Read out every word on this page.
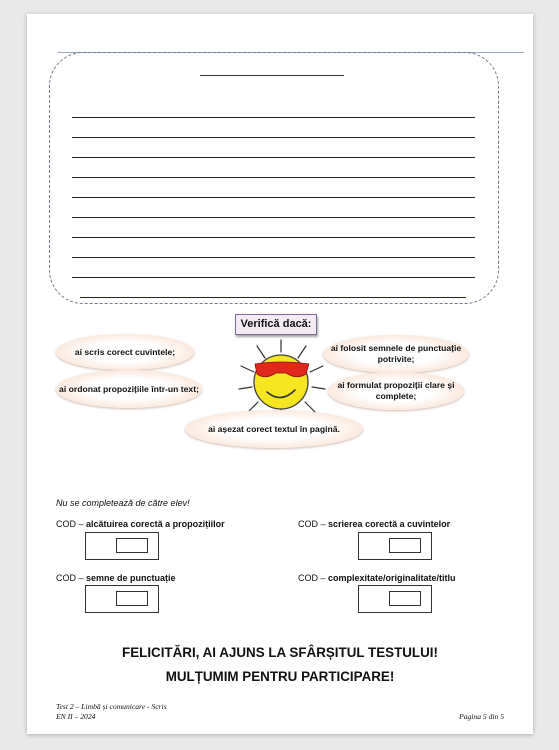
Verifică dacă:
ai scris corect cuvintele;	ai folosit semnele de punctuație potrivite;
ai ordonat propozițiile într-un text;	ai formulat propoziții clare și complete;
ai așezat corect textul în pagină.
Nu se completează de către elev!
COD – alcătuirea corectă a propozițiilor	COD – scrierea corectă a cuvintelor
COD – semne de punctuație	COD – complexitate/originalitate/titlu
FELICITĂRI, AI AJUNS LA SFÂRȘITUL TESTULUI!
MULȚUMIM PENTRU PARTICIPARE!
Test 2 – Limbă și comunicare - Scris
EN II – 2024	Pagina 5 din 5
